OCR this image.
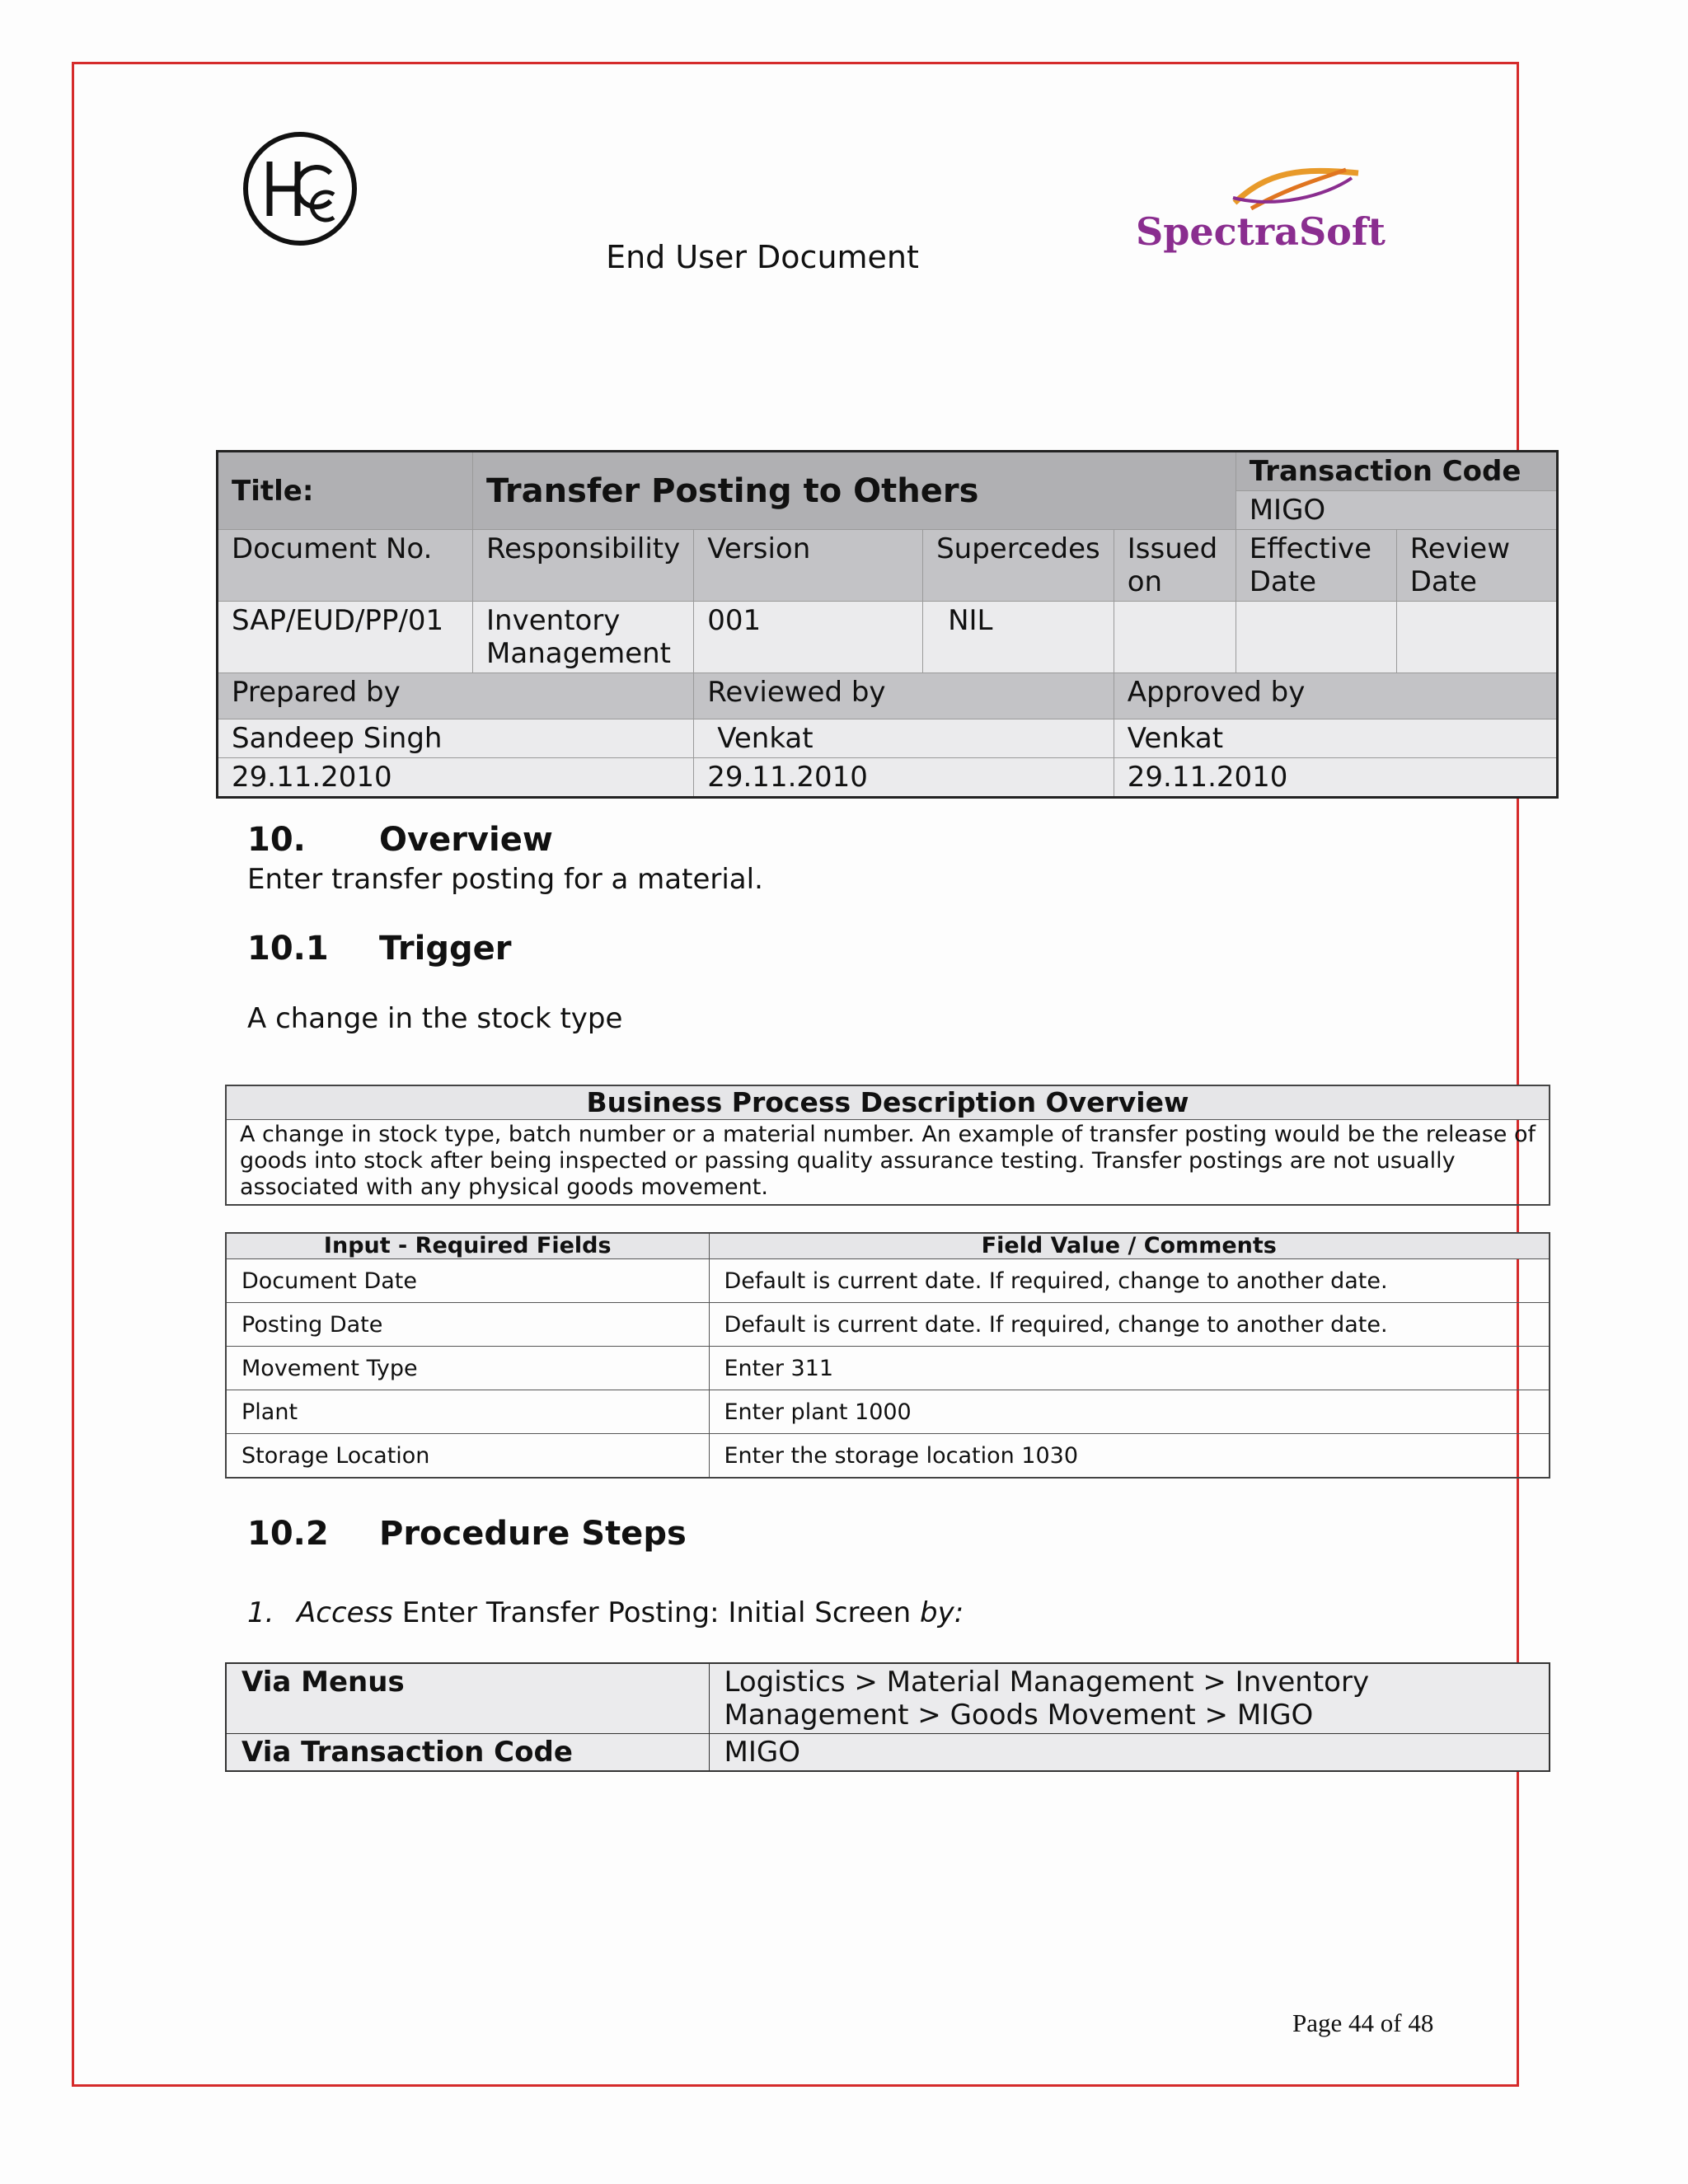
SpectraSoft
End User Document
Title:	Transfer Posting to Others				Transaction Code	
					MIGO	
Document No.	Responsibility	Version	Supercedes	Issued on	Effective Date	Review Date
SAP/EUD/PP/01	Inventory Management	001	NIL			
Prepared by		Reviewed by		Approved by		
Sandeep Singh		Venkat		Venkat		
29.11.2010		29.11.2010		29.11.2010		
10. Overview
Enter transfer posting for a material.
10.1 Trigger
A change in the stock type
Business Process Description Overview
A change in stock type, batch number or a material number. An example of transfer posting would be the release of goods into stock after being inspected or passing quality assurance testing. Transfer postings are not usually associated with any physical goods movement.
Input - Required Fields	Field Value / Comments
Document Date	Default is current date. If required, change to another date.
Posting Date	Default is current date. If required, change to another date.
Movement Type	Enter 311
Plant	Enter plant 1000
Storage Location	Enter the storage location 1030
10.2 Procedure Steps
1. Access Enter Transfer Posting: Initial Screen by:
Via Menus	Logistics > Material Management > Inventory Management > Goods Movement > MIGO
Via Transaction Code	MIGO
Page 44 of 48
